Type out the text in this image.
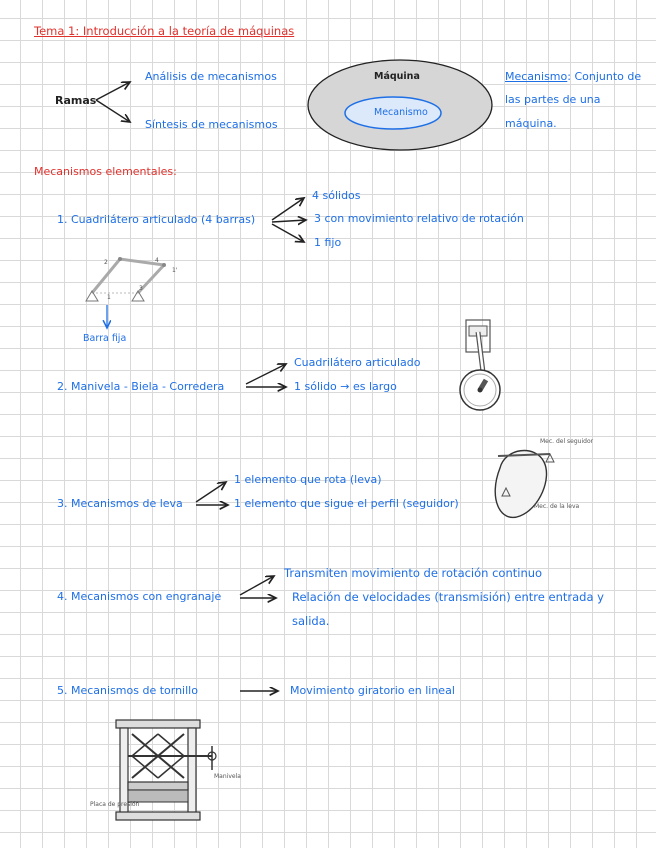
Tema 1: Introducción a la teoría de máquinas
Ramas
Análisis de mecanismos
Síntesis de mecanismos
Máquina
Mecanismo
Mecanismo: Conjunto de
las partes de una
máquina.
Mecanismos elementales:
1. Cuadrilátero articulado (4 barras)
4 sólidos
3 con movimiento relativo de rotación
1 fijo
2	4
3
1
1'
Barra fija
2. Manivela - Biela - Corredera
Cuadrilátero articulado
1 sólido → es largo
3. Mecanismos de leva
1 elemento que rota (leva)
1 elemento que sigue el perfil (seguidor)
Mec. del seguidor
Mec. de la leva
4. Mecanismos con engranaje
Transmiten movimiento de rotación continuo
Relación de velocidades (transmisión) entre entrada y
salida.
5. Mecanismos de tornillo	Movimiento giratorio en lineal
Manivela
Placa de presión
